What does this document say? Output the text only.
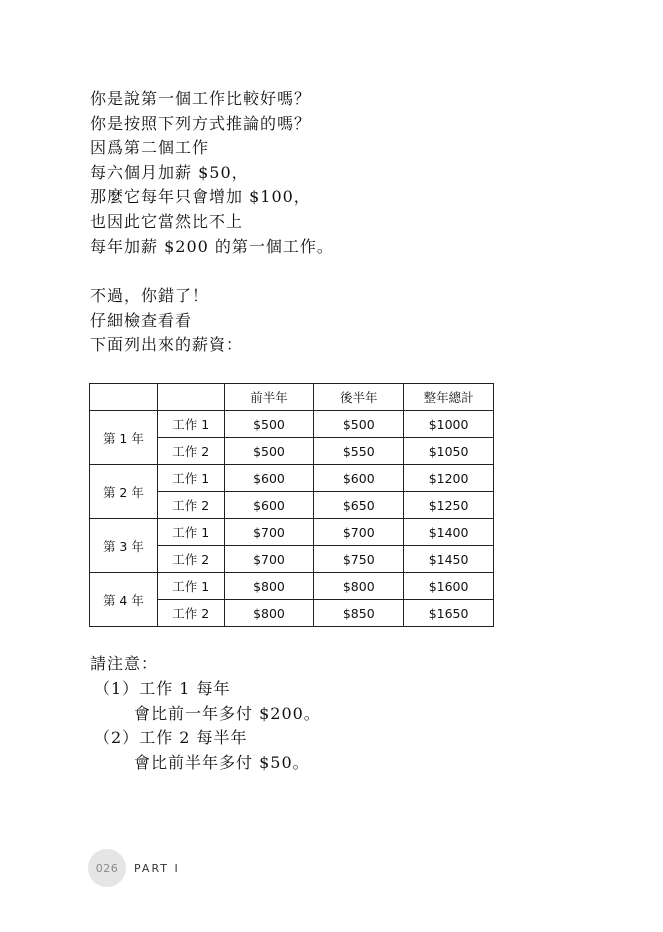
你是說第一個工作比較好嗎？
你是按照下列方式推論的嗎？
因爲第二個工作
每六個月加薪 $50，
那麼它每年只會增加 $100，
也因此它當然比不上
每年加薪 $200 的第一個工作。
不過，你錯了！
仔細檢查看看
下面列出來的薪資：
		前半年	後半年	整年總計
第 1 年	工作 1	$500	$500	$1000
	工作 2	$500	$550	$1050
第 2 年	工作 1	$600	$600	$1200
	工作 2	$600	$650	$1250
第 3 年	工作 1	$700	$700	$1400
	工作 2	$700	$750	$1450
第 4 年	工作 1	$800	$800	$1600
	工作 2	$800	$850	$1650
請注意：
（1）工作 1 每年
會比前一年多付 $200。
（2）工作 2 每半年
會比前半年多付 $50。
026 PART I
